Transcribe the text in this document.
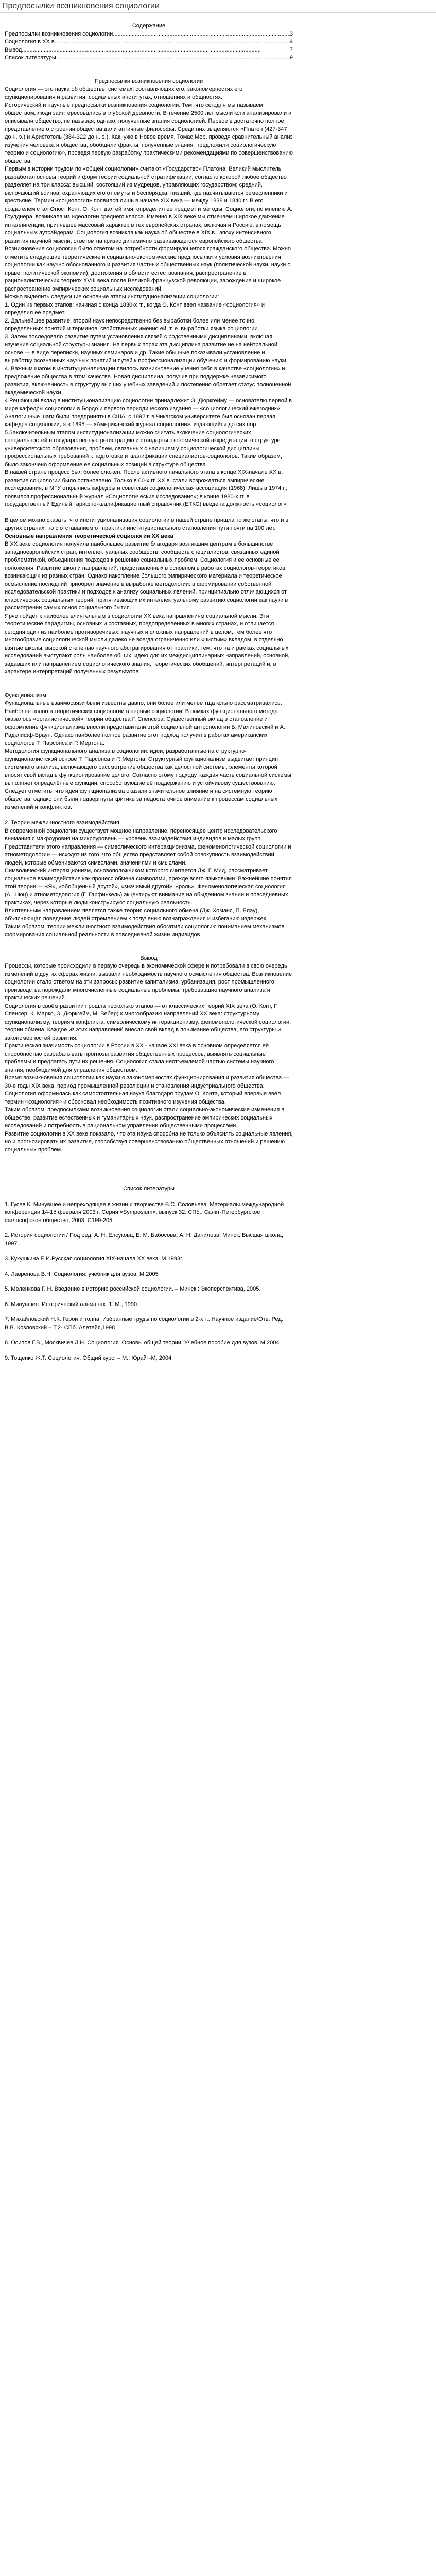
Предпосылки возникновения социологии

Содержание

Предпосылки возникновения социологии .....	3
Социология в XX в. .....	4
Вывод .....	7
Список литературы .....	9

Предпосылки возникновения социологии

Социология — это наука об обществе, системах, составляющих его, закономерностях его функционирования и развития, социальных институтах, отношениях и общностях.

Исторический и научные предпосылки возникновения социологии. Тем, что сегодня мы называем обществом, люди заинтересовались в глубокой древности. В течение 2500 лет мыслители анализировали и описывали общество, не называя, однако, полученные знания социологией. Первое в достаточно полное представление о строении общества дали античные философы. Среди них выделяются «Платон (427-347 до н. э.) и Аристотель (384-322 до н. э.). Как, уже в Новое время, Томас Мор, проведя сравнительный анализ изучения человека и общества, обобщили фракты, полученные знания, предложили социологическую теорию и социологию», проведя первую разработку практическими рекомендациями по совершенствованию общества.

Первым в истории трудом по «общей социологии» считают «Государство» Платона. Великий мыслитель разработал основы теорий и форм теории социальной стратификации, согласно которой любое общество разделяет на три класса: высший, состоящий из мудрецов, управляющих государством; средний, включающий воинов, охраняющих его от смуты и беспорядка; низший, где насчитываются ремесленники и крестьяне. Термин «социология» появился лишь в начале XIX века — между 1838 и 1840 гг. В его создателем стал Огюст Конт. О. Конт дал ей имя, определил ее предмет и методы. Социологи, по мнению А. Гоулднера, возникала из идеологии среднего класса. Именно в XIX веке мы отмечаем широкое движение интеллигенции, принявшее массовый характер в тех европейских странах, включая и Россию, в помощь социальным аутсайдерам. Социология возникла как наука об обществе в XIX в., эпоху интенсивного развития научной мысли, ответом на кризис динамично развивающегося европейского общества.

Возникновение социологии было ответом на потребности формирующегося гражданского общества. Можно отметить следующие теоретические и социально-экономические предпосылки и условия возникновения социологии как научно обоснованного и развития частных общественных наук (политической науки, науки о праве, политической экономии), достижения в области естествознания, распространение в рационалистических теориях XVIII века после Великой французской революции, зарождение и широкое распространение эмпирических социальных исследований.

Можно выделить следующие основные этапы институционализации социологии:

1. Один из первых этапов: начиная с конца 1830-х гг., когда О. Конт ввел название «социология» и определил ее предмет.

2. Дальнейшее развитие: второй наук непосредственно без выработки более или менее точно определенных понятий и терминов, свойственных именно ей, т. е. выработки языка социологии.

3. Затем последовало развитие путем установления связей с родственными дисциплинами, включая изучение социальной структуры знания. На первых порах эта дисциплина развитие не на нейтральной основе — в виде переписки, научных семинаров и др. Такие обычные показывали установление и выработку осознанных научных понятий и путей к профессионализации обучению и формированию науки.

4. Важным шагом в институционализации явилось возникновение учения себя в качестве «социологии» и предложение общества в этом качестве. Новая дисциплина, получив при поддержке независимого развития, включенность в структуру высших учебных заведений и постепенно обретает статус полноценной академической науки.

4.Решающий вклад в институционализацию социологии принадлежит Э. Дюркгейму — основателю первой в мире кафедры социологии в Бордо и первого периодического издания — «социологический ежегодник». Аналогичные шаги были предприняты в США: с 1892 г. в Чикагском университете был основан первая кафедра социологии, а в 1895 — «Американский журнал социологии», издающийся до сих пор.

5.Заключительным этапом институционализации можно считать включение социологических специальностей в государственную регистрацию и стандарты экономической аккредитации; в структуре университетского образования, проблем, связанных с наличием у социологической дисциплины профессиональных требований к подготовке и квалификации специалистов-социологов. Таким образом, было закончено оформление ее социальных позиций в структуре общества.

В нашей стране процесс был более сложен. После активного начального этапа в конце XIX-начале XX в. развитие социологии было остановлено. Только в 60-х гг. XX в. стали возрождаться эмпирические исследования, в МГУ открылись кафедры и советская социологическая ассоциация (1968). Лишь в 1974 г., появился профессиональный журнал «Социологические исследования»; в конце 1980-х гг. в государственный Единый тарифно-квалификационный справочник (ЕТКС) введена должность «социолог».

В целом можно сказать, что институционализация социологии в нашей стране пришла то же этапы, что и в других странах, но с отставанием от практики институционального становления пути почти на 100 лет.

Основные направления теоретической социологии XX века

В XX веке социология получила наибольшее развитие благодаря возникшим центрам в большинстве западноевропейских стран, интеллектуальных сообществ, сообществ специалистов, связанных единой проблематикой, объединения подходов к решению социальных проблем. Социология и ее основные ее положения. Развитие школ и направлений, представленных в основном в работах социологов-теоретиков, возникающих из разных стран. Однако накопление большого эмпирического материала и теоретическое осмысление последний приобрел значение в выработке методологии: в формировании собственной исследовательской практики и подходов к анализу социальных явлений, принципиально отличающихся от классических социальных теорий, притягивающих их интеллектуальному развитию социологии как науки в рассмотрении самых основ социального бытия.

Ярче пойдёт к наиболее влиятельным в социологии XX века направлениям социальной мысли. Эти теоретические парадигмы, основных и составных, предопределённых в многих странах, и отличается сегодня один из наиболее противоречивых, научных и сложных направлений в целом, тем более что многообразие социологической мысли далеко не всегда ограниченно или «чистым» вкладом, в отдельно взятые школы, высокой степенью научного абстрагирования от практики, тем, что на и рамках социальных исследований выступают роль наиболее общих, идею для их междисциплинарных направлений, основной, задавших или направлением социологического знания, теоретических обобщений, интерпретаций и, в характере интерпретаций полученных результатов.

Функционализм

Функциональные взаимосвязи были известны давно, они более или менее тщательно рассматривались. Наиболее полно в теоретических социологии в первые социологии. В рамках функционального метода оказалось «органистической» теории общества Г. Спенсера. Существенный вклад в становление и оформление функционализма внесли представители этой социальной антропологии Б. Малиновский и А. Радклифф-Браун. Однако наиболее полное развитие этот подход получил в работах американских социологов Т. Парсонса и Р. Мертона.

Методология функционального анализа в социологии: идеи, разработанные на структурно-функционалистской основе Т. Парсонса и Р. Мертона. Структурный функционализм выдвигает принцип системного анализа, включающего рассмотрение общества как целостной системы, элементы которой вносят свой вклад в функционирование целого. Согласно этому подходу, каждая часть социальной системы выполняет определённые функции, способствующие её поддержанию и устойчивому существованию.

Следует отметить, что идеи функционализма оказали значительное влияние и на системную теорию общества, однако они были подвергнуты критике за недостаточное внимание к процессам социальных изменений и конфликтов.

2. Теории межличностного взаимодействия

В современной социологии существует мощное направление, переносящее центр исследовательского внимания с макроуровня на микроуровень — уровень взаимодействия индивидов и малых групп. Представители этого направления — символического интеракционизма, феноменологической социологии и этнометодологии — исходят из того, что общество представляет собой совокупность взаимодействий людей, которые обмениваются символами, значениями и смыслами.

Символический интеракционизм, основоположником которого считается Дж. Г. Мид, рассматривает социальное взаимодействие как процесс обмена символами, прежде всего языковыми. Важнейшие понятия этой теории — «Я», «обобщенный другой», «значимый другой», «роль». Феноменологическая социология (А. Шюц) и этнометодология (Г. Гарфинкель) акцентируют внимание на обыденном знании и повседневных практиках, через которые люди конструируют социальную реальность.

Влиятельным направлением является также теория социального обмена (Дж. Хоманс, П. Блау), объясняющая поведение людей стремлением к получению вознаграждения и избеганию издержек.

Таким образом, теории межличностного взаимодействия обогатили социологию пониманием механизмов формирования социальной реальности в повседневной жизни индивидов.

Вывод

Процессы, которые происходили в первую очередь в экономической сфере и потребовали в свою очередь изменений в других сферах жизни, вызвали необходимость научного осмысления общества. Возникновение социологии стало ответом на эти запросы: развитие капитализма, урбанизация, рост промышленного производства порождали многочисленные социальные проблемы, требовавшие научного анализа и практических решений.

Социология в своём развитии прошла несколько этапов — от классических теорий XIX века (О. Конт, Г. Спенсер, К. Маркс, Э. Дюркгейм, М. Вебер) к многообразию направлений XX века: структурному функционализму, теориям конфликта, символическому интеракционизму, феноменологической социологии, теории обмена. Каждое из этих направлений внесло свой вклад в понимание общества, его структуры и закономерностей развития.

Практическая значимость социологии в России в XX - начале XXI века в основном определяется её способностью разрабатывать прогнозы развития общественных процессов, выявлять социальные проблемы и предлагать пути их решения. Социология стала неотъемлемой частью системы научного знания, необходимой для управления обществом.

Время возникновения социологии как науки о закономерностях функционирования и развития общества — 30-е годы XIX века, период промышленной революции и становления индустриального общества. Социология оформилась как самостоятельная наука благодаря трудам О. Конта, который впервые ввёл термин «социология» и обосновал необходимость позитивного изучения общества.

Таким образом, предпосылками возникновения социологии стали социально-экономические изменения в обществе, развитие естественных и гуманитарных наук, распространение эмпирических социальных исследований и потребность в рациональном управлении общественными процессами.

Развитие социологии в XX веке показало, что эта наука способна не только объяснять социальные явления, но и прогнозировать их развитие, способствуя совершенствованию общественных отношений и решению социальных проблем.

Список литературы

1. Гусев К. Минувшее и непреходящее в жизни и творчестве В.С. Соловьева. Материалы международной конференции 14-15 февраля 2003 г. Серия «Symposium», выпуск 32. СПб.: Санкт-Петербургское философское общество, 2003. С199-205

2. История социологии / Под ред. А. Н. Елсукова, Е. М. Бабосова, А. Н. Данилова. Минск: Высшая школа, 1997.

3. Кукушкина Е.И.Русская социология XIX-начала XX века. М.1993г.

4. Лаврёнова В.Н. Социология: учебник для вузов. М.2005

5. Меленкова Г. Н. Введение в историю российской социологии. – Минск.: Экоперспектива, 2005.

6. Минувшее. Исторический альманах. 1. М., 1990.

7. Михайловский Н.К. Герои и толпа: Избранные труды по социологии в 2-х т.: Научное издание/Отв. Ред. В.В. Козловский – Т.2- СПб.:Алетейя,1998

8. Осипов Г.В., Москвичев Л.Н. Социология. Основы общей теории. Учебное пособие для вузов. М.2004

9. Тощенко Ж.Т. Социология. Общий курс. – М.: Юрайт-М, 2004
